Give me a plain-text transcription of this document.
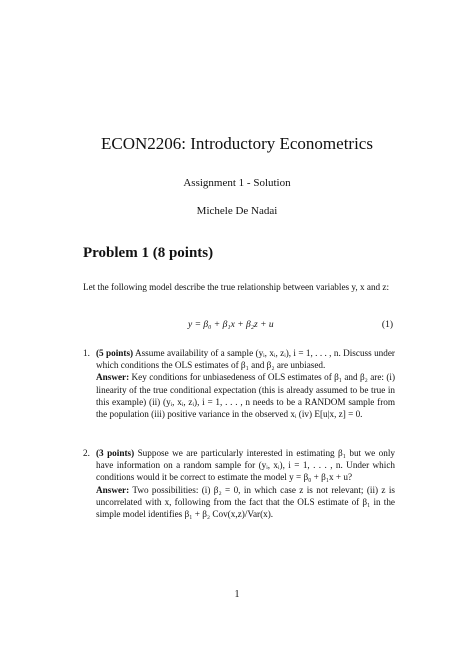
ECON2206: Introductory Econometrics
Assignment 1 - Solution
Michele De Nadai
Problem 1 (8 points)
Let the following model describe the true relationship between variables y, x and z:
y = β₀ + β₁x + β₂z + u	(1)
1. (5 points) Assume availability of a sample (yᵢ, xᵢ, zᵢ), i = 1, . . . , n. Discuss under which conditions the OLS estimates of β₁ and β₂ are unbiased.
Answer: Key conditions for unbiasedeness of OLS estimates of β₁ and β₂ are: (i) linearity of the true conditional expectation (this is already assumed to be true in this example) (ii) (yᵢ, xᵢ, zᵢ), i = 1, . . . , n needs to be a RANDOM sample from the population (iii) positive variance in the observed xᵢ (iv) E[u|x, z] = 0.
2. (3 points) Suppose we are particularly interested in estimating β₁ but we only have information on a random sample for (yᵢ, xᵢ), i = 1, . . . , n. Under which conditions would it be correct to estimate the model y = β₀ + β₁x + u?
Answer: Two possibilities: (i) β₂ = 0, in which case z is not relevant; (ii) z is uncorrelated with x, following from the fact that the OLS estimate of β₁ in the simple model identifies β₁ + β₂ Cov(x,z)/Var(x).
1
